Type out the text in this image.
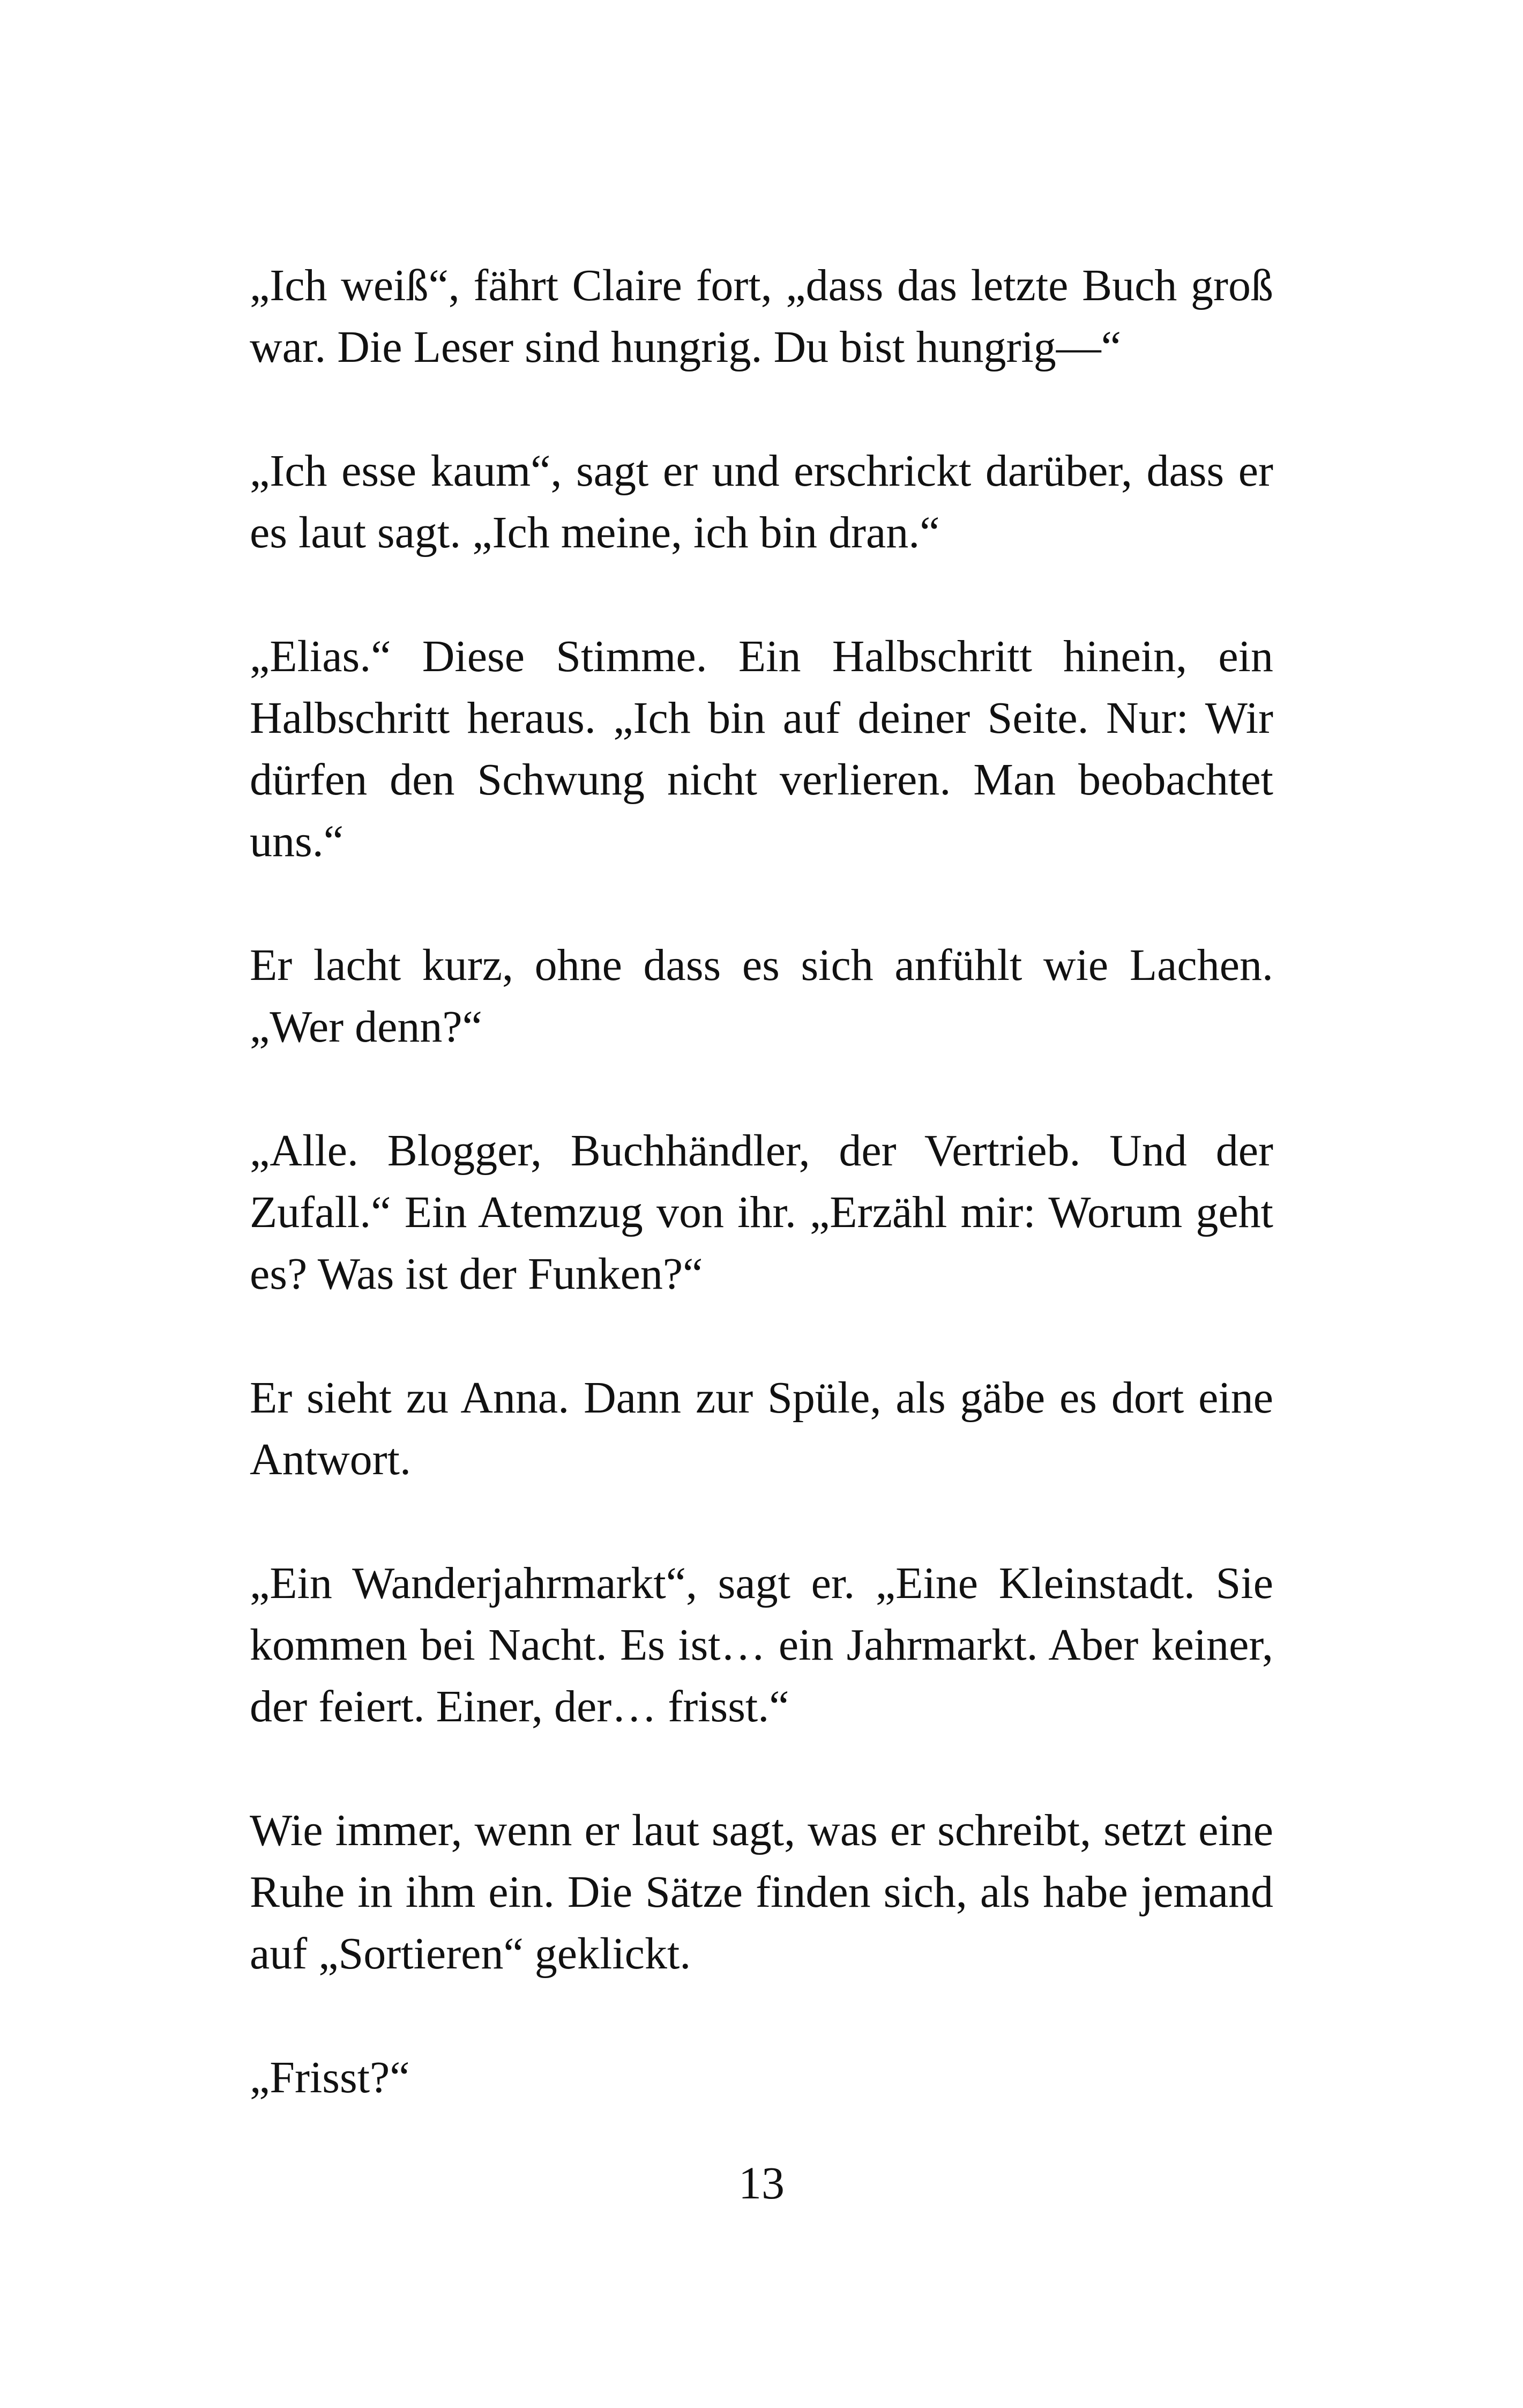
„Ich weiß“, fährt Claire fort, „dass das letzte Buch groß war. Die Leser sind hungrig. Du bist hungrig—“

„Ich esse kaum“, sagt er und erschrickt darüber, dass er es laut sagt. „Ich meine, ich bin dran.“

„Elias.“ Diese Stimme. Ein Halbschritt hinein, ein Halbschritt heraus. „Ich bin auf deiner Seite. Nur: Wir dürfen den Schwung nicht verlieren. Man beobachtet uns.“

Er lacht kurz, ohne dass es sich anfühlt wie Lachen. „Wer denn?“

„Alle. Blogger, Buchhändler, der Vertrieb. Und der Zufall.“ Ein Atemzug von ihr. „Erzähl mir: Worum geht es? Was ist der Funken?“

Er sieht zu Anna. Dann zur Spüle, als gäbe es dort eine Antwort.

„Ein Wanderjahrmarkt“, sagt er. „Eine Kleinstadt. Sie kommen bei Nacht. Es ist… ein Jahrmarkt. Aber keiner, der feiert. Einer, der… frisst.“

Wie immer, wenn er laut sagt, was er schreibt, setzt eine Ruhe in ihm ein. Die Sätze finden sich, als habe jemand auf „Sortieren“ geklickt.

„Frisst?“

13
